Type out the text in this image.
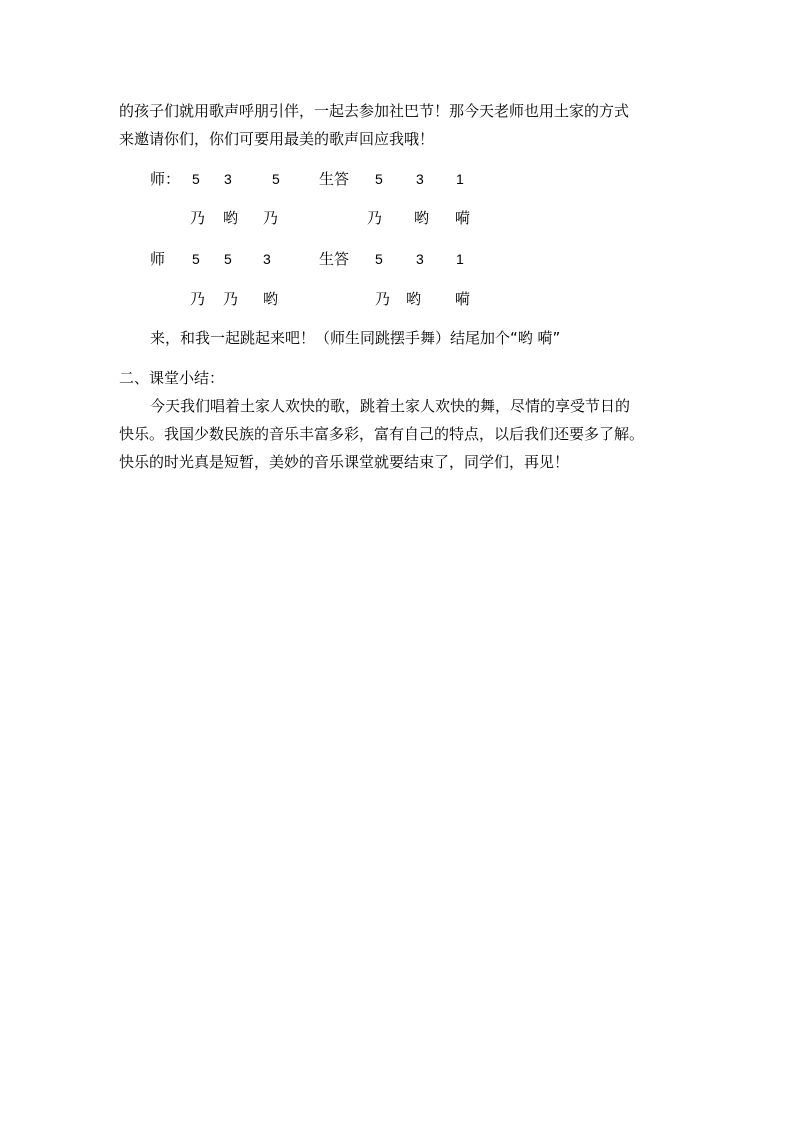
的孩子们就用歌声呼朋引伴，一起去参加社巴节！那今天老师也用土家的方式
来邀请你们，你们可要用最美的歌声回应我哦！
师： 5 3	5	生答 5 3 1
乃 哟 乃	乃 哟 嗬
师 5 5 3	生答 5 3 1
乃 乃 哟	乃 哟 嗬
来，和我一起跳起来吧！（师生同跳摆手舞）结尾加个“哟 嗬”
二、课堂小结：
今天我们唱着土家人欢快的歌，跳着土家人欢快的舞，尽情的享受节日的
快乐。我国少数民族的音乐丰富多彩，富有自己的特点，以后我们还要多了解。
快乐的时光真是短暂，美妙的音乐课堂就要结束了，同学们，再见！
